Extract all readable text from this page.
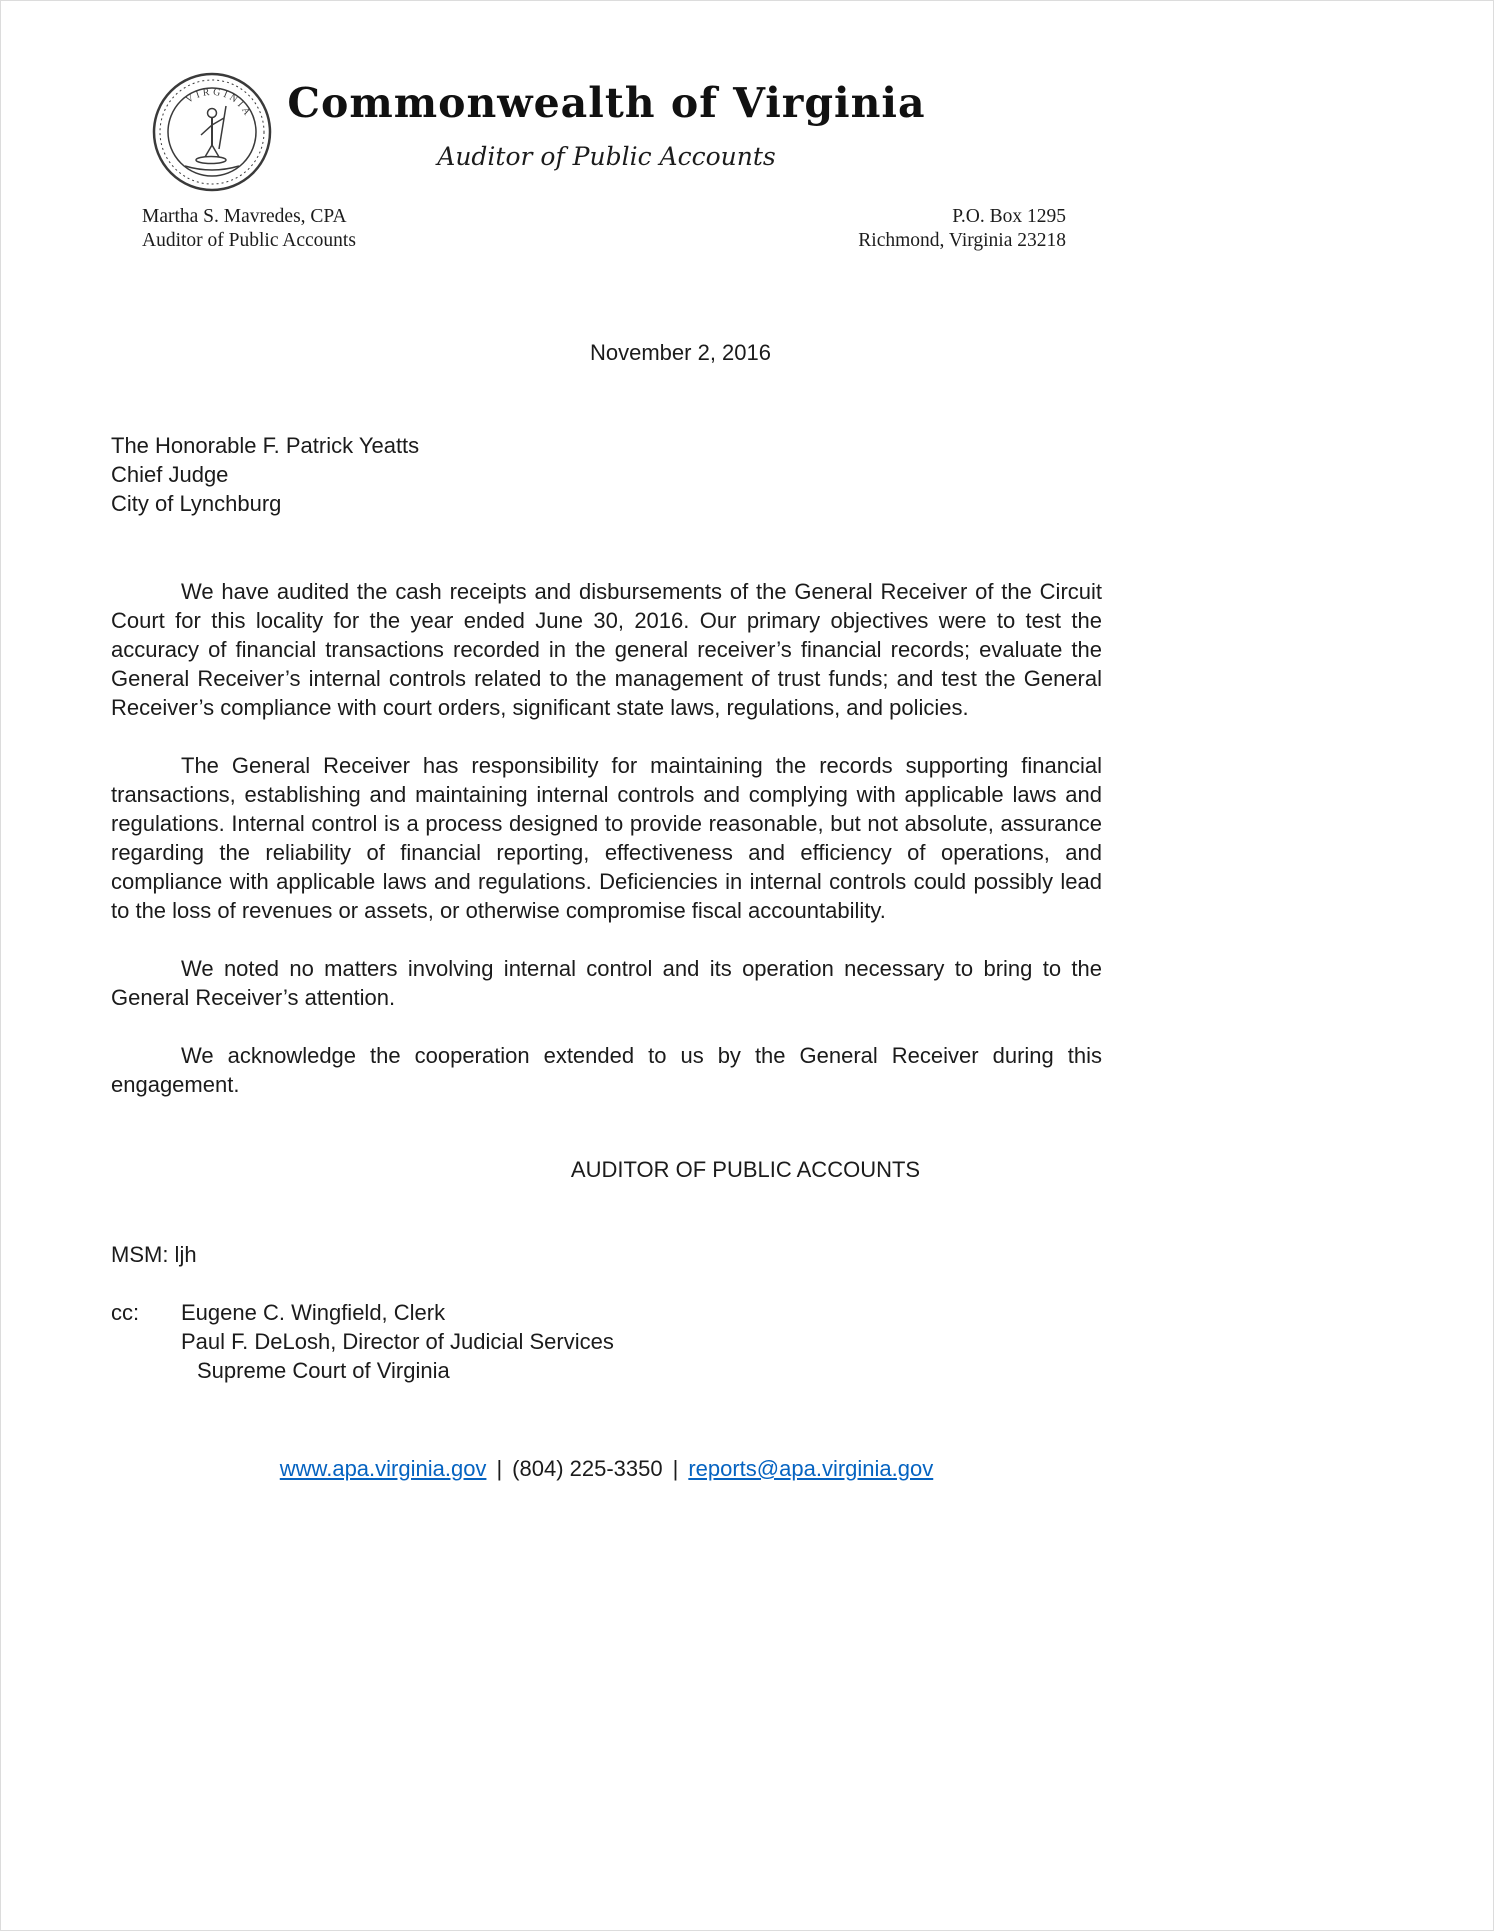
VIRGINIA Commonwealth of Virginia
Auditor of Public Accounts
Martha S. Mavredes, CPA
Auditor of Public Accounts
P.O. Box 1295
Richmond, Virginia 23218
November 2, 2016
The Honorable F. Patrick Yeatts
Chief Judge
City of Lynchburg

We have audited the cash receipts and disbursements of the General Receiver of the Circuit Court for this locality for the year ended June 30, 2016. Our primary objectives were to test the accuracy of financial transactions recorded in the general receiver’s financial records; evaluate the General Receiver’s internal controls related to the management of trust funds; and test the General Receiver’s compliance with court orders, significant state laws, regulations, and policies.

The General Receiver has responsibility for maintaining the records supporting financial transactions, establishing and maintaining internal controls and complying with applicable laws and regulations. Internal control is a process designed to provide reasonable, but not absolute, assurance regarding the reliability of financial reporting, effectiveness and efficiency of operations, and compliance with applicable laws and regulations. Deficiencies in internal controls could possibly lead to the loss of revenues or assets, or otherwise compromise fiscal accountability.

We noted no matters involving internal control and its operation necessary to bring to the General Receiver’s attention.

We acknowledge the cooperation extended to us by the General Receiver during this engagement.

AUDITOR OF PUBLIC ACCOUNTS
MSM: ljh
cc:	Eugene C. Wingfield, Clerk
Paul F. DeLosh, Director of Judicial Services
Supreme Court of Virginia
www.apa.virginia.gov | (804) 225-3350 | reports@apa.virginia.gov
